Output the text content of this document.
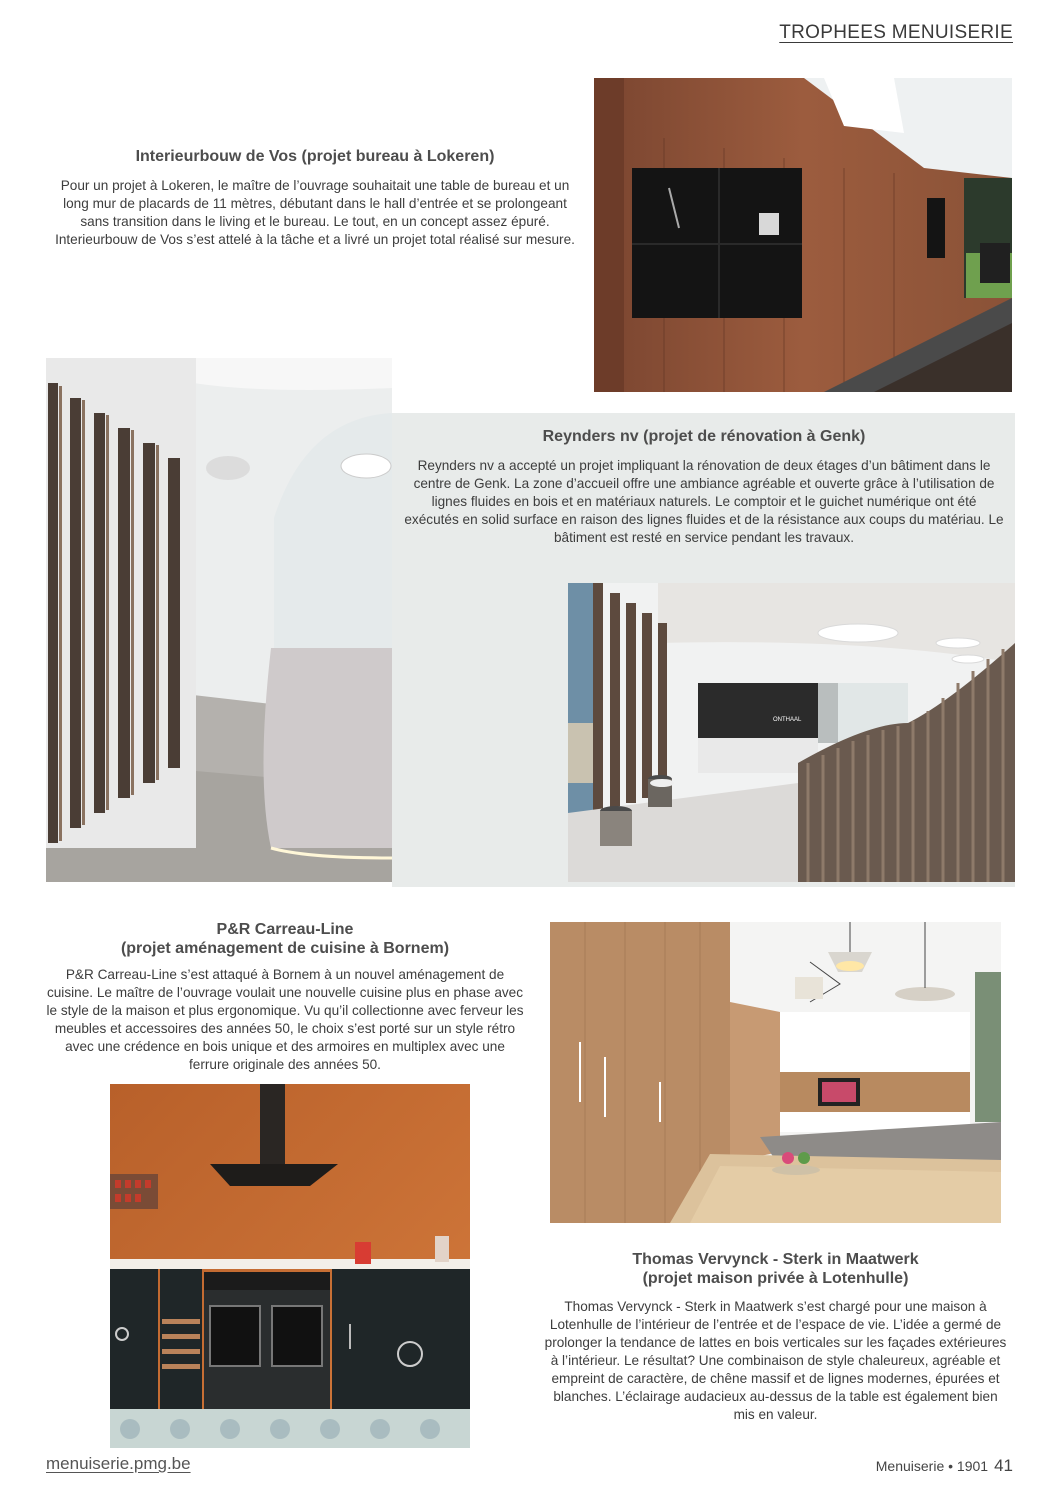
TROPHEES MENUISERIE
Interieurbouw de Vos (projet bureau à Lokeren)
Pour un projet à Lokeren, le maître de l’ouvrage souhaitait une table de bureau et un long mur de placards de 11 mètres, débutant dans le hall d’entrée et se prolongeant sans transition dans le living et le bureau. Le tout, en un concept assez épuré. Interieurbouw de Vos s’est attelé à la tâche et a livré un projet total réalisé sur mesure.
Reynders nv (projet de rénovation à Genk)
Reynders nv a accepté un projet impliquant la rénovation de deux étages d’un bâtiment dans le centre de Genk. La zone d’accueil offre une ambiance agréable et ouverte grâce à l’utilisation de lignes fluides en bois et en matériaux naturels. Le comptoir et le guichet numérique ont été exécutés en solid surface en raison des lignes fluides et de la résistance aux coups du matériau. Le bâtiment est resté en service pendant les travaux.
ONTHAAL
P&R Carreau-Line
(projet aménagement de cuisine à Bornem)
P&R Carreau-Line s’est attaqué à Bornem à un nouvel aménagement de cuisine. Le maître de l’ouvrage voulait une nouvelle cuisine plus en phase avec le style de la maison et plus ergonomique. Vu qu’il collectionne avec ferveur les meubles et accessoires des années 50, le choix s’est porté sur un style rétro avec une crédence en bois unique et des armoires en multiplex avec une ferrure originale des années 50.
Thomas Vervynck - Sterk in Maatwerk
(projet maison privée à Lotenhulle)
Thomas Vervynck - Sterk in Maatwerk s’est chargé pour une maison à Lotenhulle de l’intérieur de l’entrée et de l’espace de vie. L’idée a germé de prolonger la tendance de lattes en bois verticales sur les façades extérieures à l’intérieur. Le résultat? Une combinaison de style chaleureux, agréable et empreint de caractère, de chêne massif et de lignes modernes, épurées et blanches. L’éclairage audacieux au-dessus de la table est également bien mis en valeur.
menuiserie.pmg.be	Menuiserie • 1901 41
